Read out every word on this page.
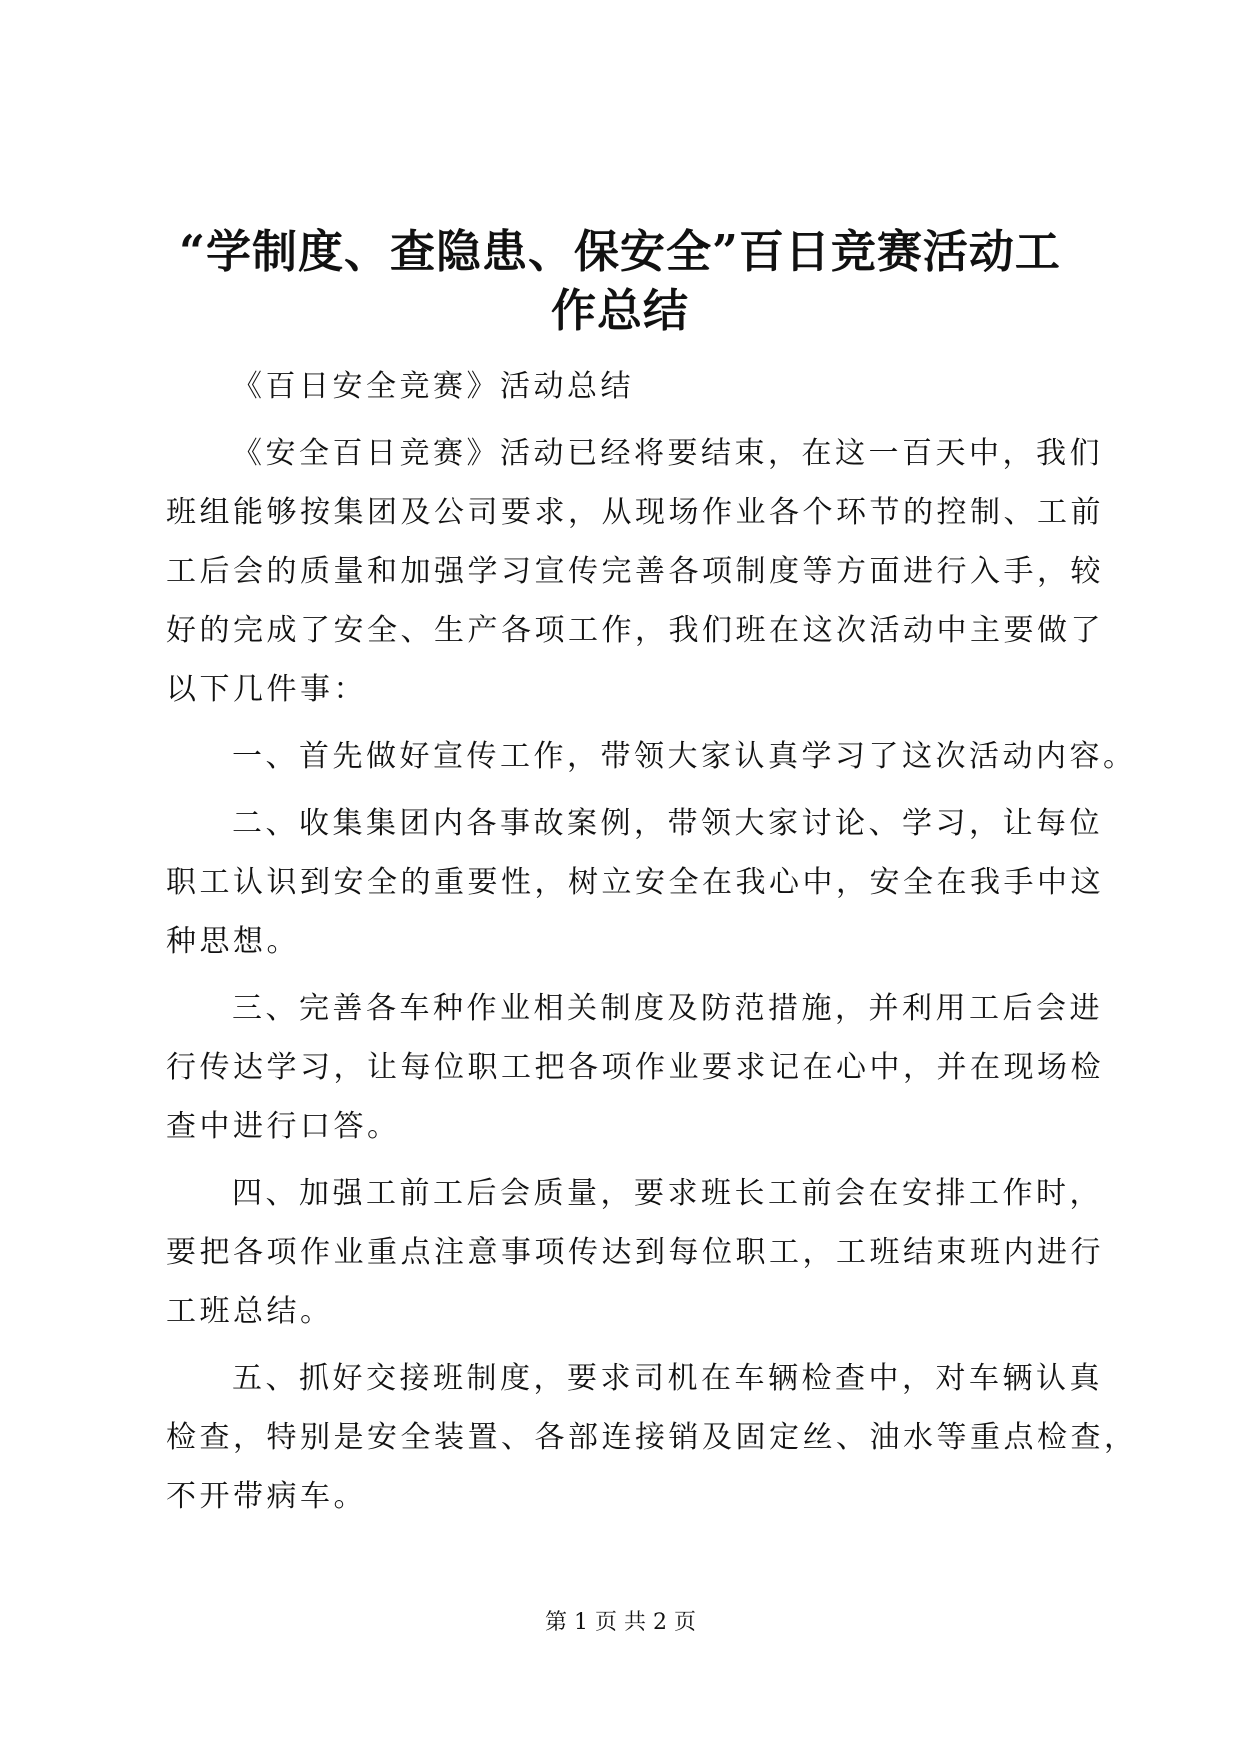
“学制度、查隐患、保安全”百日竞赛活动工
作总结
《百日安全竞赛》活动总结
《安全百日竞赛》活动已经将要结束，在这一百天中，我们
班组能够按集团及公司要求，从现场作业各个环节的控制、工前
工后会的质量和加强学习宣传完善各项制度等方面进行入手，较
好的完成了安全、生产各项工作，我们班在这次活动中主要做了
以下几件事：
一、首先做好宣传工作，带领大家认真学习了这次活动内容。
二、收集集团内各事故案例，带领大家讨论、学习，让每位
职工认识到安全的重要性，树立安全在我心中，安全在我手中这
种思想。
三、完善各车种作业相关制度及防范措施，并利用工后会进
行传达学习，让每位职工把各项作业要求记在心中，并在现场检
查中进行口答。
四、加强工前工后会质量，要求班长工前会在安排工作时，
要把各项作业重点注意事项传达到每位职工，工班结束班内进行
工班总结。
五、抓好交接班制度，要求司机在车辆检查中，对车辆认真
检查，特别是安全装置、各部连接销及固定丝、油水等重点检查，
不开带病车。
第 1 页 共 2 页
